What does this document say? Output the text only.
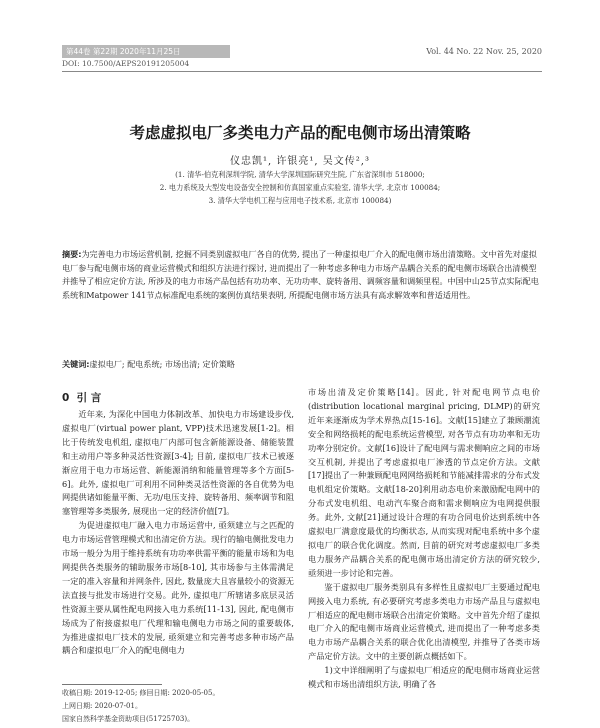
第44卷 第22期 2020年11月25日	Vol. 44 No. 22 Nov. 25, 2020
DOI: 10.7500/AEPS20191205004
考虑虚拟电厂多类电力产品的配电侧市场出清策略
仪忠凯¹, 许银亮¹, 吴文传²,³
(1. 清华-伯克利深圳学院, 清华大学深圳国际研究生院, 广东省深圳市 518000;
2. 电力系统及大型发电设备安全控制和仿真国家重点实验室, 清华大学, 北京市 100084;
3. 清华大学电机工程与应用电子技术系, 北京市 100084)
摘要:为完善电力市场运营机制, 挖掘不同类别虚拟电厂各自的优势, 提出了一种虚拟电厂介入的配电侧市场出清策略。文中首先对虚拟电厂参与配电侧市场的商业运营模式和组织方法进行探讨, 进而提出了一种考虑多种电力市场产品耦合关系的配电侧市场联合出清模型并推导了相应定价方法, 所涉及的电力市场产品包括有功功率、无功功率、旋转备用、调频容量和调频里程。中国中山25节点实际配电系统和Matpower 141节点标准配电系统的案例仿真结果表明, 所提配电侧市场方法具有高求解效率和普适适用性。
关键词:虚拟电厂; 配电系统; 市场出清; 定价策略
0 引 言

近年来, 为深化中国电力体制改革、加快电力市场建设步伐, 虚拟电厂(virtual power plant, VPP)技术迅速发展[1-2]。相比于传统发电机组, 虚拟电厂内部可包含新能源设备、储能装置和主动用户等多种灵活性资源[3-4]; 目前, 虚拟电厂技术已被逐渐应用于电力市场运营、新能源消纳和能量管理等多个方面[5-6]。此外, 虚拟电厂可利用不同种类灵活性资源的各自优势为电网提供诸如能量平衡、无功/电压支持、旋转备用、频率调节和阻塞管理等多类服务, 展现出一定的经济价值[7]。

为促进虚拟电厂融入电力市场运营中, 亟须建立与之匹配的电力市场运营管理模式和出清定价方法。现行的输电侧批发电力市场一般分为用于维持系统有功功率供需平衡的能量市场和为电网提供各类服务的辅助服务市场[8-10], 其市场参与主体需满足一定的准入容量和并网条件, 因此, 数量庞大且容量较小的资源无法直接与批发市场进行交易。此外, 虚拟电厂所辖诸多底层灵活性资源主要从属性配电网接入电力系统[11-13], 因此, 配电侧市场成为了衔接虚拟电厂代理和输电侧电力市场之间的重要载体, 为推进虚拟电厂技术的发展, 亟须建立和完善考虑多种市场产品耦合和虚拟电厂介入的配电侧电力

市场出清及定价策略[14]。因此, 针对配电网节点电价(distribution locational marginal pricing, DLMP)的研究近年来逐渐成为学术界热点[15-16]。文献[15]建立了兼顾潮流安全和网络损耗的配电系统运营模型, 对各节点有功功率和无功功率分别定价。文献[16]设计了配电网与需求侧响应之间的市场交互机制, 并提出了考虑虚拟电厂渗透的节点定价方法。文献[17]提出了一种兼顾配电网网络损耗和节能减排需求的分布式发电机组定价策略。文献[18-20]利用动态电价来激励配电网中的分布式发电机组、电动汽车聚合商和需求侧响应为电网提供服务。此外, 文献[21]通过设计合理的有功合同电价达到系统中各虚拟电厂满意度最优的均衡状态, 从而实现对配电系统中多个虚拟电厂的联合优化调度。然而, 目前的研究对考虑虚拟电厂多类电力服务产品耦合关系的配电侧市场出清定价方法的研究较少, 亟须进一步讨论和完善。

鉴于虚拟电厂服务类别具有多样性且虚拟电厂主要通过配电网接入电力系统, 有必要研究考虑多类电力市场产品且与虚拟电厂相适应的配电侧市场联合出清定价策略。文中首先介绍了虚拟电厂介入的配电侧市场商业运营模式, 进而提出了一种考虑多类电力市场产品耦合关系的联合优化出清模型, 并推导了各类市场产品定价方法。文中的主要创新点概括如下。

1)文中详细阐明了与虚拟电厂相适应的配电侧市场商业运营模式和市场出清组织方法, 明确了各

收稿日期: 2019-12-05; 修回日期: 2020-05-05。
上网日期: 2020-07-01。
国家自然科学基金资助项目(51725703)。
